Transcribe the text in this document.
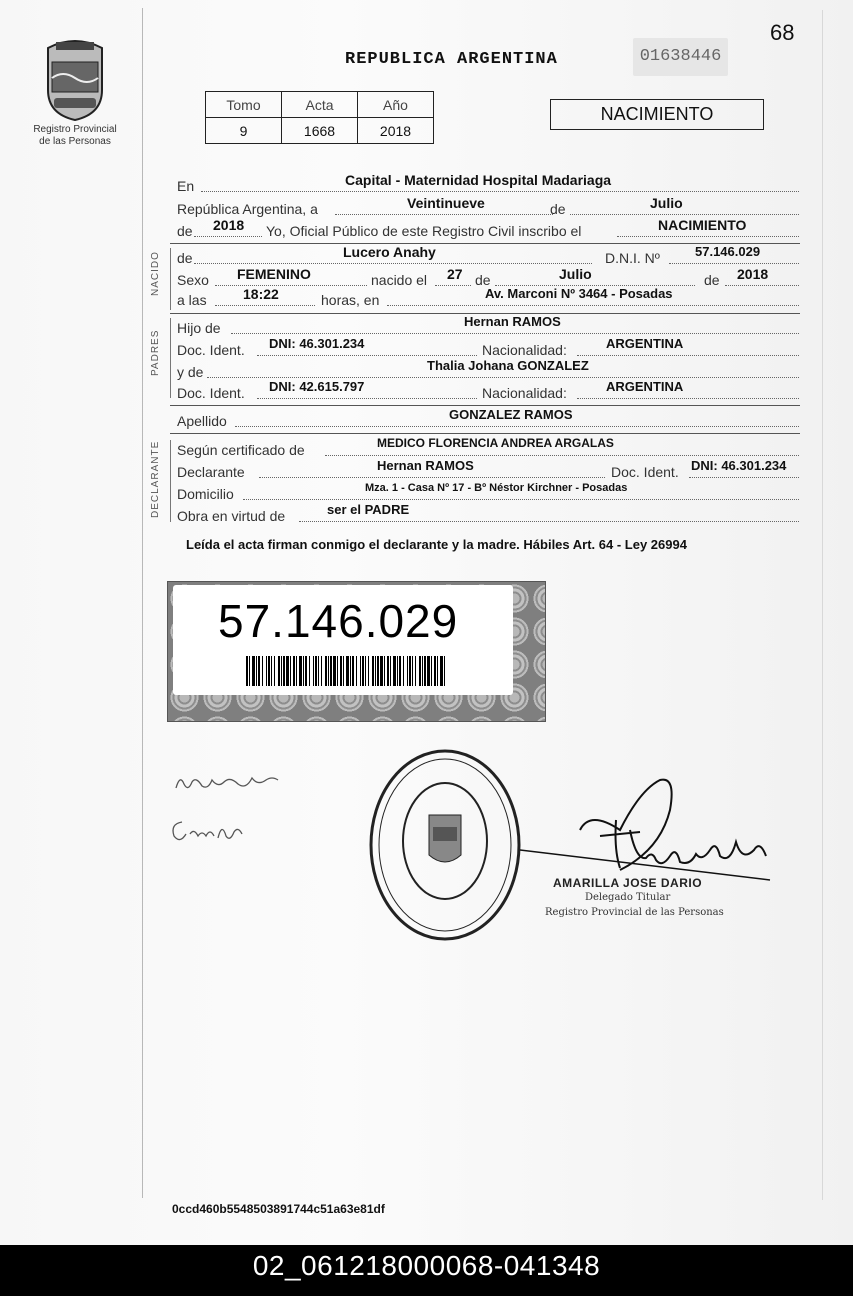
Registro Provincial
de las Personas
68
REPUBLICA ARGENTINA	01638446
Tomo	Acta	Año
9	1668	2018
NACIMIENTO
En	Capital - Maternidad Hospital Madariaga
República Argentina, a	Veintinueve	de	Julio
de 2018 Yo, Oficial Público de este Registro Civil inscribo el	NACIMIENTO
NACIDO de	Lucero Anahy	D.N.I. Nº	57.146.029
Sexo FEMENINO	nacido el 27 de	Julio	de 2018
a las	18:22	horas, en	Av. Marconi Nº 3464 - Posadas
PADRES
Hijo de	Hernan RAMOS
Doc. Ident. DNI: 46.301.234	Nacionalidad:	ARGENTINA
y de	Thalia Johana GONZALEZ
Doc. Ident. DNI: 42.615.797	Nacionalidad:	ARGENTINA
Apellido	GONZALEZ RAMOS
DECLARANTE Según certificado de	MEDICO FLORENCIA ANDREA ARGALAS
Declarante	Hernan RAMOS	Doc. Ident. DNI: 46.301.234
Domicilio	Mza. 1 - Casa Nº 17 - Bº Néstor Kirchner - Posadas
Obra en virtud de	ser el PADRE
Leída el acta firman conmigo el declarante y la madre. Hábiles Art. 64 - Ley 26994
57.146.029
AMARILLA JOSE DARIO
Delegado Titular
Registro Provincial de las Personas
0ccd460b5548503891744c51a63e81df
02_061218000068-041348
